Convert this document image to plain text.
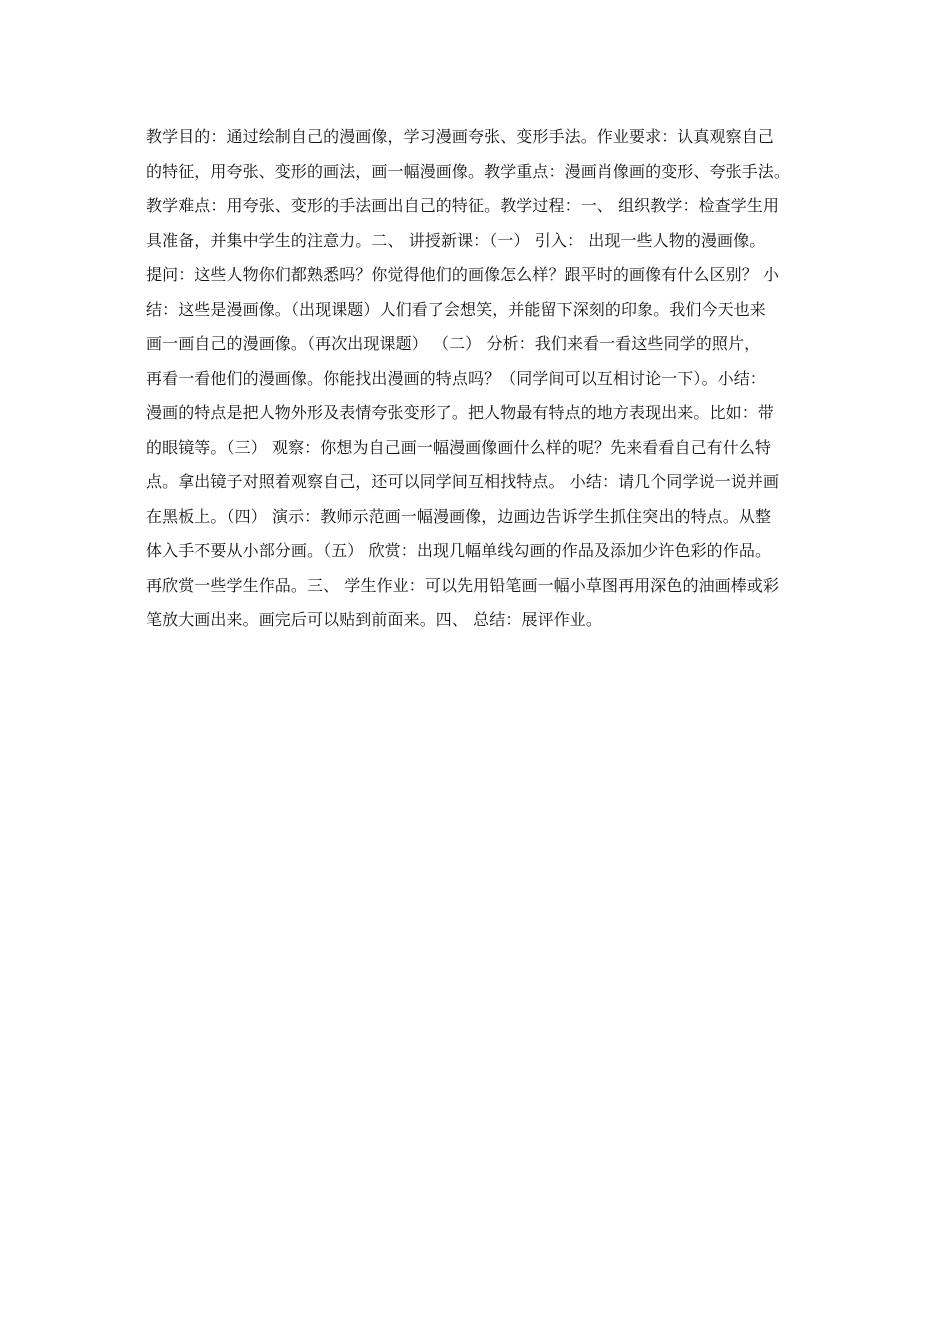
教学目的：通过绘制自己的漫画像，学习漫画夸张、变形手法。作业要求：认真观察自己
的特征，用夸张、变形的画法，画一幅漫画像。教学重点：漫画肖像画的变形、夸张手法。
教学难点：用夸张、变形的手法画出自己的特征。教学过程：一、 组织教学：检查学生用
具准备，并集中学生的注意力。二、 讲授新课：（一） 引入： 出现一些人物的漫画像。
提问：这些人物你们都熟悉吗？你觉得他们的画像怎么样？跟平时的画像有什么区别？ 小
结：这些是漫画像。（出现课题）人们看了会想笑，并能留下深刻的印象。我们今天也来
画一画自己的漫画像。（再次出现课题） （二） 分析：我们来看一看这些同学的照片，
再看一看他们的漫画像。你能找出漫画的特点吗？（同学间可以互相讨论一下）。小结：
漫画的特点是把人物外形及表情夸张变形了。把人物最有特点的地方表现出来。比如：带
的眼镜等。（三） 观察：你想为自己画一幅漫画像画什么样的呢？先来看看自己有什么特
点。拿出镜子对照着观察自己，还可以同学间互相找特点。 小结：请几个同学说一说并画
在黑板上。（四） 演示：教师示范画一幅漫画像，边画边告诉学生抓住突出的特点。从整
体入手不要从小部分画。（五） 欣赏：出现几幅单线勾画的作品及添加少许色彩的作品。
再欣赏一些学生作品。三、 学生作业：可以先用铅笔画一幅小草图再用深色的油画棒或彩
笔放大画出来。画完后可以贴到前面来。四、 总结：展评作业。
